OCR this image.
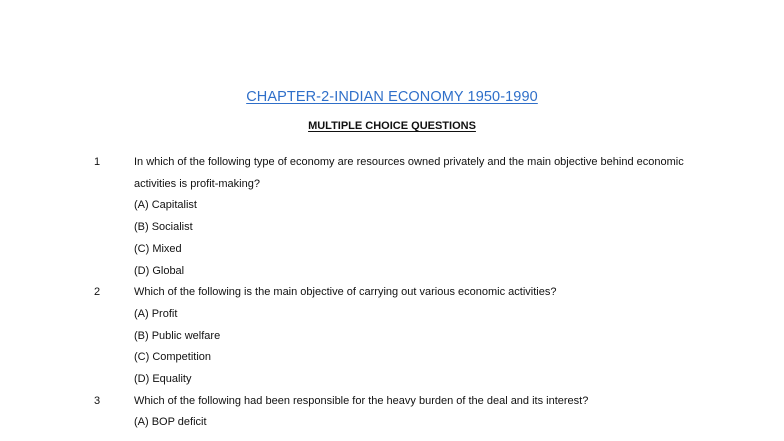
CHAPTER-2-INDIAN ECONOMY 1950-1990
MULTIPLE CHOICE QUESTIONS
1	In which of the following type of economy are resources owned privately and the main objective behind economic activities is profit-making?
(A) Capitalist
(B) Socialist
(C) Mixed
(D) Global
2	Which of the following is the main objective of carrying out various economic activities?
(A) Profit
(B) Public welfare
(C) Competition
(D) Equality
3	Which of the following had been responsible for the heavy burden of the deal and its interest?
(A) BOP deficit
